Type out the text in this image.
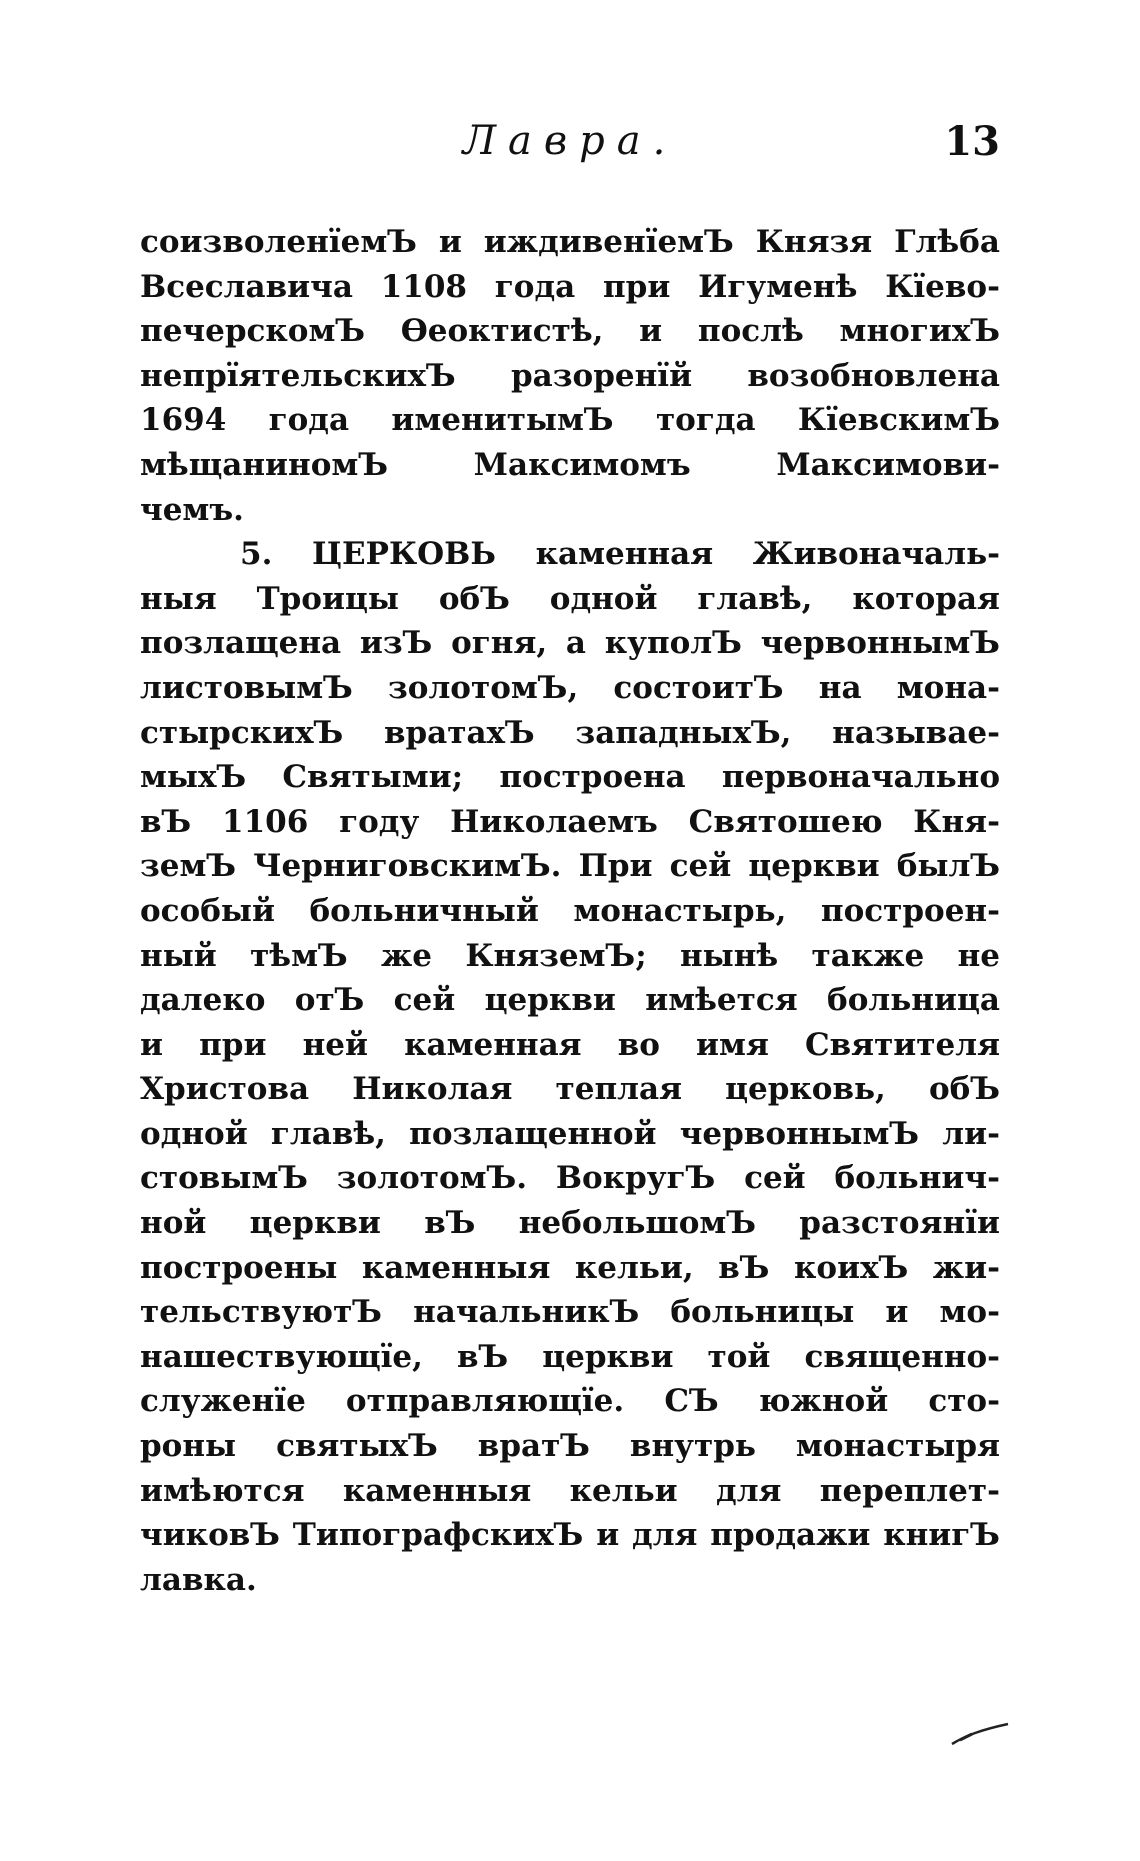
Лавра.	13
соизволенїемЪ и иждивенїемЪ Князя Глѣба
Всеславича 1108 года при Игуменѣ Кїево-
печерскомЪ Өеоктистѣ, и послѣ многихЪ
непрїятельскихЪ разоренїй возобновлена
1694 года именитымЪ тогда КїевскимЪ
мѣщаниномЪ	Максимомъ	Максимови-
чемъ.
5. ЦЕРКОВЬ каменная Живоначаль-
ныя Троицы обЪ одной главѣ, которая
позлащена изЪ огня, а куполЪ червоннымЪ
листовымЪ золотомЪ, состоитЪ на мона-
стырскихЪ вратахЪ западныхЪ, называе-
мыхЪ Святыми; построена первоначально
вЪ 1106 году Николаемъ Святошею Кня-
земЪ ЧерниговскимЪ. При сей церкви былЪ
особый больничный монастырь, построен-
ный тѣмЪ же КняземЪ; нынѣ также не
далеко отЪ сей церкви имѣется больница
и при ней каменная во имя Святителя
Христова Николая теплая церковь, обЪ
одной главѣ, позлащенной червоннымЪ ли-
стовымЪ золотомЪ. ВокругЪ сей больнич-
ной церкви вЪ небольшомЪ разстоянїи
построены каменныя кельи, вЪ коихЪ жи-
тельствуютЪ начальникЪ больницы и мо-
нашествующїе, вЪ церкви той священно-
служенїе отправляющїе. СЪ южной сто-
роны святыхЪ вратЪ внутрь монастыря
имѣются каменныя кельи для переплет-
чиковЪ ТипографскихЪ и для продажи книгЪ
лавка.
